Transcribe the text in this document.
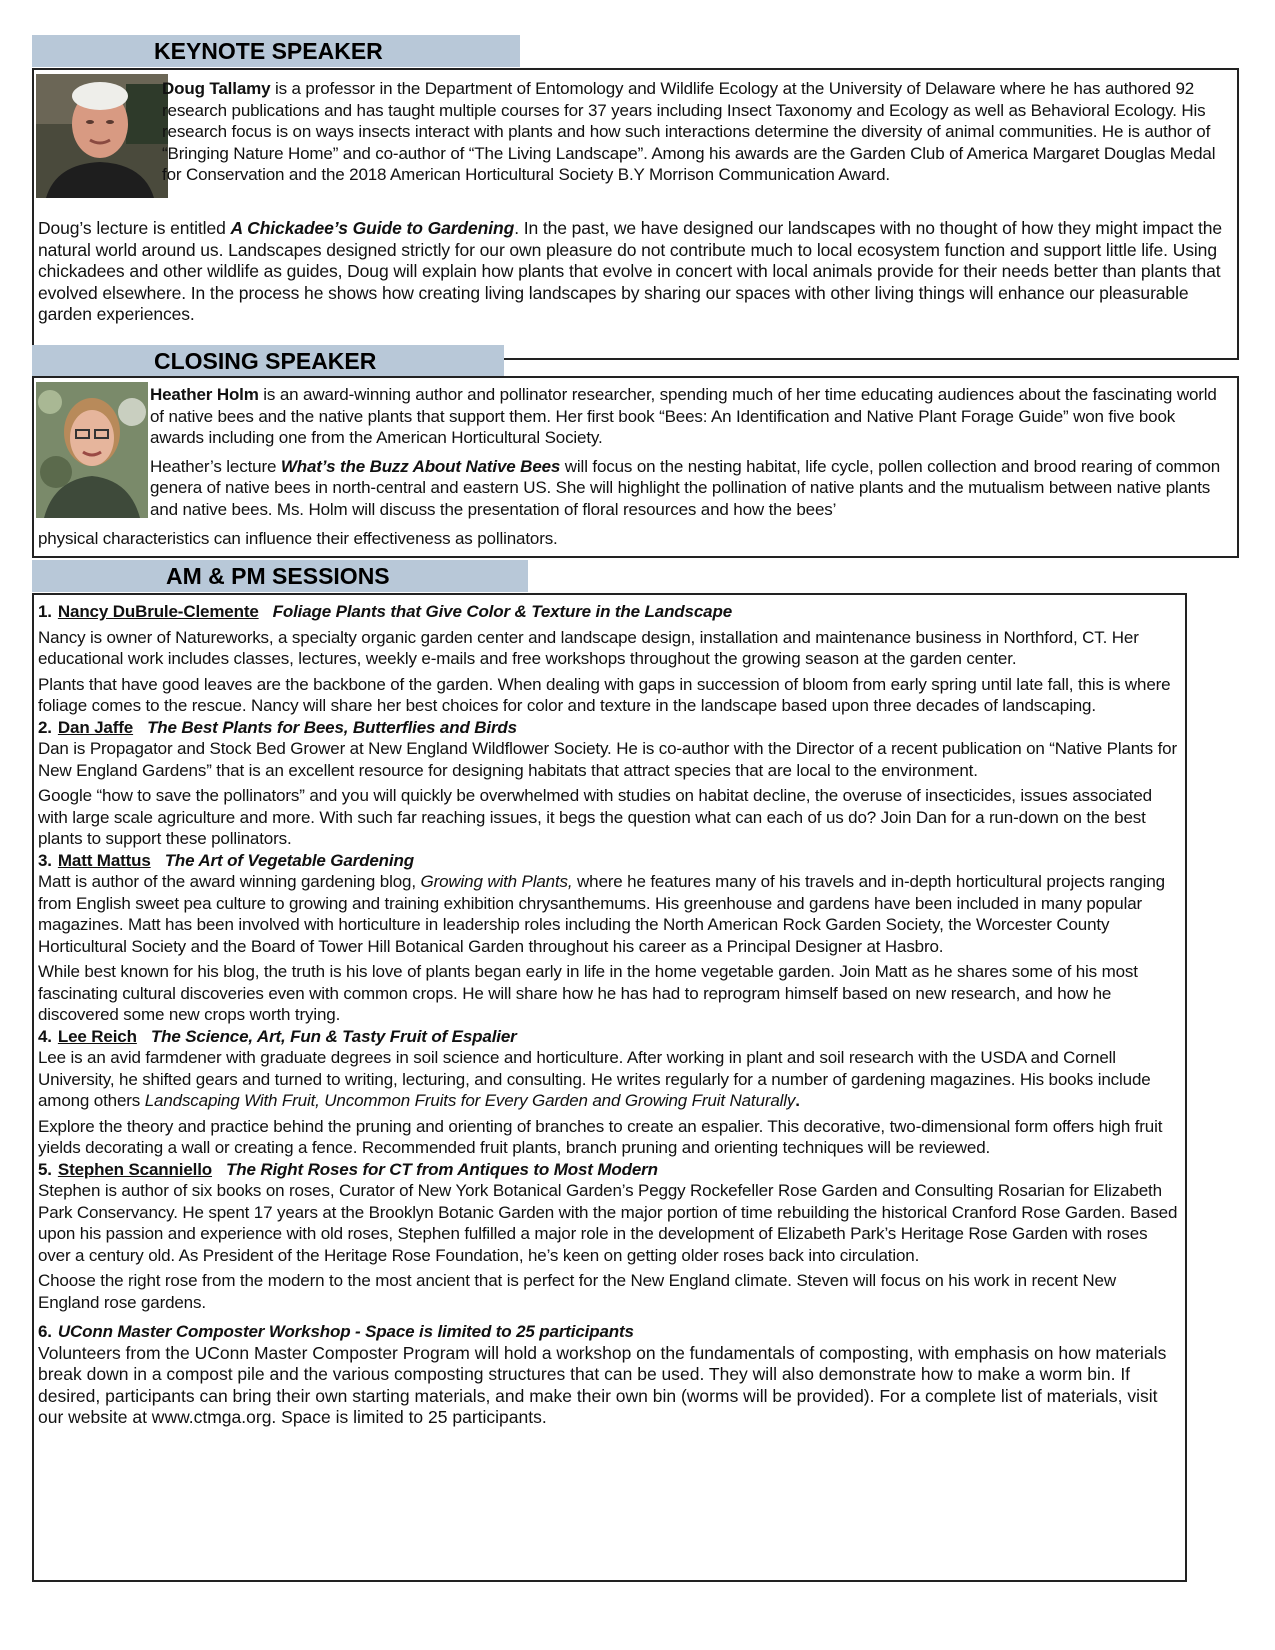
KEYNOTE SPEAKER

Doug Tallamy is a professor in the Department of Entomology and Wildlife Ecology at the University of Delaware where he has authored 92 research publications and has taught multiple courses for 37 years including Insect Taxonomy and Ecology as well as Behavioral Ecology. His research focus is on ways insects interact with plants and how such interactions determine the diversity of animal communities. He is author of “Bringing Nature Home” and co-author of “The Living Landscape”. Among his awards are the Garden Club of America Margaret Douglas Medal for Conservation and the 2018 American Horticultural Society B.Y Morrison Communication Award.

Doug’s lecture is entitled A Chickadee’s Guide to Gardening. In the past, we have designed our landscapes with no thought of how they might impact the natural world around us. Landscapes designed strictly for our own pleasure do not contribute much to local ecosystem function and support little life. Using chickadees and other wildlife as guides, Doug will explain how plants that evolve in concert with local animals provide for their needs better than plants that evolved elsewhere. In the process he shows how creating living landscapes by sharing our spaces with other living things will enhance our pleasurable garden experiences.

CLOSING SPEAKER

Heather Holm is an award-winning author and pollinator researcher, spending much of her time educating audiences about the fascinating world of native bees and the native plants that support them. Her first book “Bees: An Identification and Native Plant Forage Guide” won five book awards including one from the American Horticultural Society.

Heather’s lecture What’s the Buzz About Native Bees will focus on the nesting habitat, life cycle, pollen collection and brood rearing of common genera of native bees in north-central and eastern US. She will highlight the pollination of native plants and the mutualism between native plants and native bees. Ms. Holm will discuss the presentation of floral resources and how the bees’

physical characteristics can influence their effectiveness as pollinators.

AM & PM SESSIONS

1. Nancy DuBrule-Clemente Foliage Plants that Give Color & Texture in the Landscape

Nancy is owner of Natureworks, a specialty organic garden center and landscape design, installation and maintenance business in Northford, CT. Her educational work includes classes, lectures, weekly e-mails and free workshops throughout the growing season at the garden center.

Plants that have good leaves are the backbone of the garden. When dealing with gaps in succession of bloom from early spring until late fall, this is where foliage comes to the rescue. Nancy will share her best choices for color and texture in the landscape based upon three decades of landscaping.

2. Dan Jaffe The Best Plants for Bees, Butterflies and Birds

Dan is Propagator and Stock Bed Grower at New England Wildflower Society. He is co-author with the Director of a recent publication on “Native Plants for New England Gardens” that is an excellent resource for designing habitats that attract species that are local to the environment.

Google “how to save the pollinators” and you will quickly be overwhelmed with studies on habitat decline, the overuse of insecticides, issues associated with large scale agriculture and more. With such far reaching issues, it begs the question what can each of us do? Join Dan for a run-down on the best plants to support these pollinators.

3. Matt Mattus The Art of Vegetable Gardening

Matt is author of the award winning gardening blog, Growing with Plants, where he features many of his travels and in-depth horticultural projects ranging from English sweet pea culture to growing and training exhibition chrysanthemums. His greenhouse and gardens have been included in many popular magazines. Matt has been involved with horticulture in leadership roles including the North American Rock Garden Society, the Worcester County Horticultural Society and the Board of Tower Hill Botanical Garden throughout his career as a Principal Designer at Hasbro.

While best known for his blog, the truth is his love of plants began early in life in the home vegetable garden. Join Matt as he shares some of his most fascinating cultural discoveries even with common crops. He will share how he has had to reprogram himself based on new research, and how he discovered some new crops worth trying.

4. Lee Reich The Science, Art, Fun & Tasty Fruit of Espalier

Lee is an avid farmdener with graduate degrees in soil science and horticulture. After working in plant and soil research with the USDA and Cornell University, he shifted gears and turned to writing, lecturing, and consulting. He writes regularly for a number of gardening magazines. His books include among others Landscaping With Fruit, Uncommon Fruits for Every Garden and Growing Fruit Naturally.

Explore the theory and practice behind the pruning and orienting of branches to create an espalier. This decorative, two-dimensional form offers high fruit yields decorating a wall or creating a fence. Recommended fruit plants, branch pruning and orienting techniques will be reviewed.

5. Stephen Scanniello The Right Roses for CT from Antiques to Most Modern

Stephen is author of six books on roses, Curator of New York Botanical Garden’s Peggy Rockefeller Rose Garden and Consulting Rosarian for Elizabeth Park Conservancy. He spent 17 years at the Brooklyn Botanic Garden with the major portion of time rebuilding the historical Cranford Rose Garden. Based upon his passion and experience with old roses, Stephen fulfilled a major role in the development of Elizabeth Park’s Heritage Rose Garden with roses over a century old. As President of the Heritage Rose Foundation, he’s keen on getting older roses back into circulation.

Choose the right rose from the modern to the most ancient that is perfect for the New England climate. Steven will focus on his work in recent New England rose gardens.

6. UConn Master Composter Workshop - Space is limited to 25 participants

Volunteers from the UConn Master Composter Program will hold a workshop on the fundamentals of composting, with emphasis on how materials break down in a compost pile and the various composting structures that can be used. They will also demonstrate how to make a worm bin. If desired, participants can bring their own starting materials, and make their own bin (worms will be provided). For a complete list of materials, visit our website at www.ctmga.org. Space is limited to 25 participants.
